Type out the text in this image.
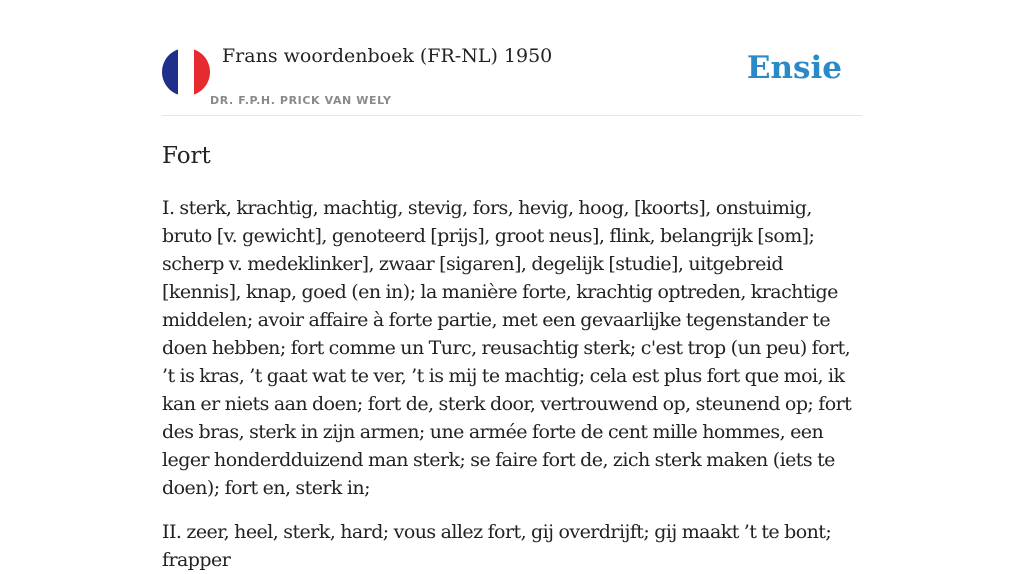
Frans woordenboek (FR-NL) 1950
DR. F.P.H. PRICK VAN WELY
Ensie
Fort

I. sterk, krachtig, machtig, stevig, fors, hevig, hoog, [koorts], onstuimig, bruto [v. gewicht], genoteerd [prijs], groot neus], flink, belangrijk [som]; scherp v. medeklinker], zwaar [sigaren], degelijk [studie], uitgebreid [kennis], knap, goed (en in); la manière forte, krachtig optreden, krachtige middelen; avoir affaire à forte partie, met een gevaarlijke tegenstander te doen hebben; fort comme un Turc, reusachtig sterk; c'est trop (un peu) fort, ’t is kras, ’t gaat wat te ver, ’t is mij te machtig; cela est plus fort que moi, ik kan er niets aan doen; fort de, sterk door, vertrouwend op, steunend op; fort des bras, sterk in zijn armen; une armée forte de cent mille hommes, een leger honderdduizend man sterk; se faire fort de, zich sterk maken (iets te doen); fort en, sterk in;

II. zeer, heel, sterk, hard; vous allez fort, gij overdrijft; gij maakt ’t te bont; frapper
